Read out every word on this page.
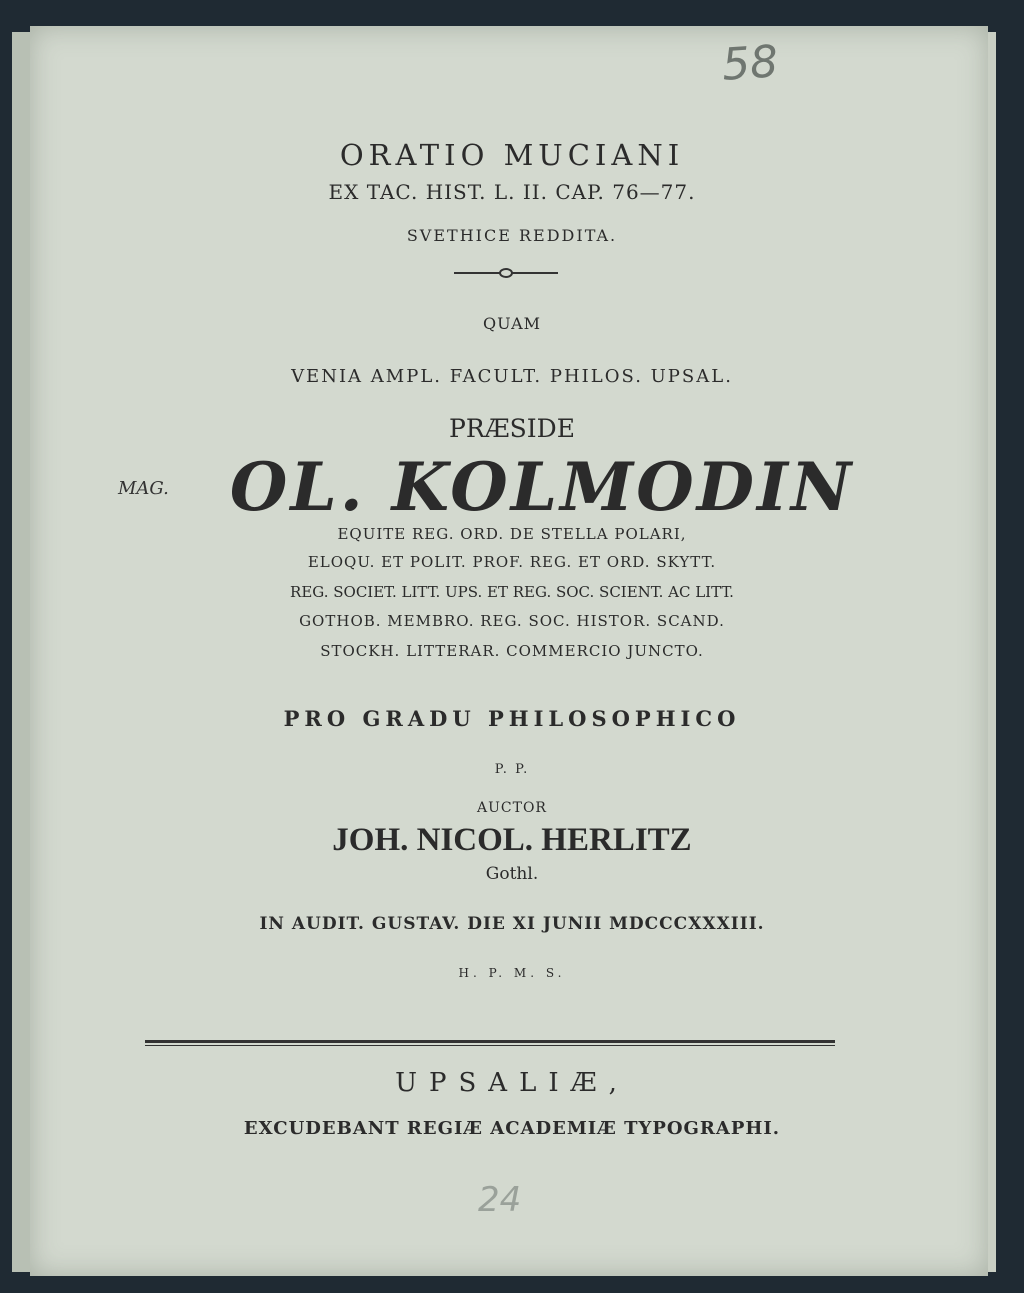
58
ORATIO MUCIANI
EX TAC. HIST. L. II. CAP. 76—77.
SVETHICE REDDITA.
QUAM
VENIA AMPL. FACULT. PHILOS. UPSAL.
PRÆSIDE
MAG. OL. KOLMODIN
EQUITE REG. ORD. DE STELLA POLARI,
ELOQU. ET POLIT. PROF. REG. ET ORD. SKYTT.
REG. SOCIET. LITT. UPS. ET REG. SOC. SCIENT. AC LITT.
GOTHOB. MEMBRO. REG. SOC. HISTOR. SCAND.
STOCKH. LITTERAR. COMMERCIO JUNCTO.
PRO GRADU PHILOSOPHICO
P. P.
AUCTOR
JOH. NICOL. HERLITZ
Gothl.
IN AUDIT. GUSTAV. DIE XI JUNII MDCCCXXXIII.
H. P. M. S.
UPSALIÆ,
EXCUDEBANT REGIÆ ACADEMIÆ TYPOGRAPHI.
24
